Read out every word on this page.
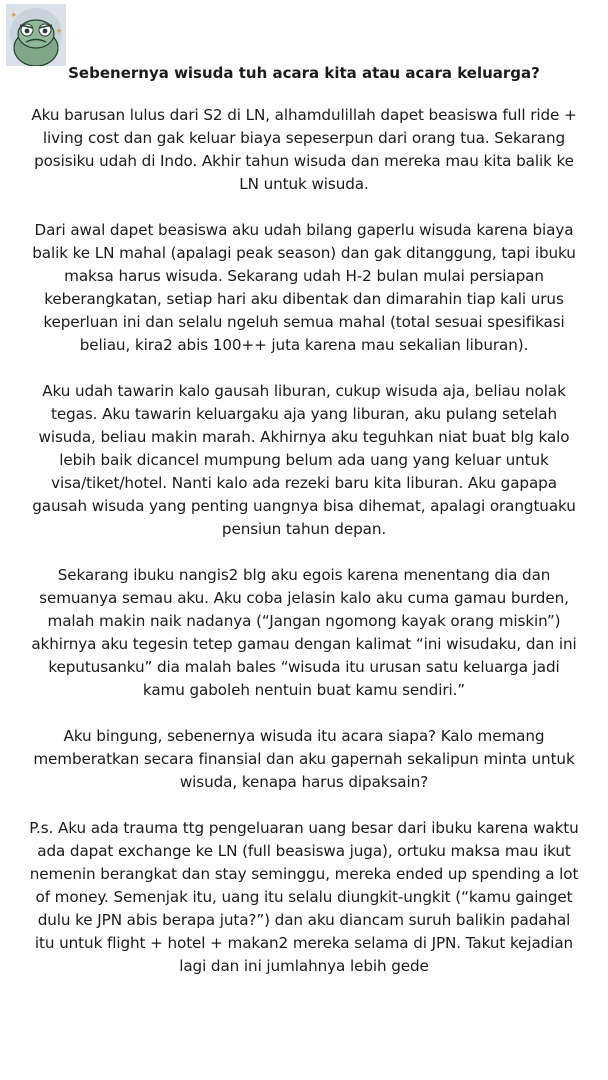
✦
✦
Sebenernya wisuda tuh acara kita atau acara keluarga?

Aku barusan lulus dari S2 di LN, alhamdulillah dapet beasiswa full ride + living cost dan gak keluar biaya sepeserpun dari orang tua. Sekarang posisiku udah di Indo. Akhir tahun wisuda dan mereka mau kita balik ke LN untuk wisuda.

Dari awal dapet beasiswa aku udah bilang gaperlu wisuda karena biaya balik ke LN mahal (apalagi peak season) dan gak ditanggung, tapi ibuku maksa harus wisuda. Sekarang udah H-2 bulan mulai persiapan keberangkatan, setiap hari aku dibentak dan dimarahin tiap kali urus keperluan ini dan selalu ngeluh semua mahal (total sesuai spesifikasi beliau, kira2 abis 100++ juta karena mau sekalian liburan).

Aku udah tawarin kalo gausah liburan, cukup wisuda aja, beliau nolak tegas. Aku tawarin keluargaku aja yang liburan, aku pulang setelah wisuda, beliau makin marah. Akhirnya aku teguhkan niat buat blg kalo lebih baik dicancel mumpung belum ada uang yang keluar untuk visa/tiket/hotel. Nanti kalo ada rezeki baru kita liburan. Aku gapapa gausah wisuda yang penting uangnya bisa dihemat, apalagi orangtuaku pensiun tahun depan.

Sekarang ibuku nangis2 blg aku egois karena menentang dia dan semuanya semau aku. Aku coba jelasin kalo aku cuma gamau burden, malah makin naik nadanya (“Jangan ngomong kayak orang miskin”) akhirnya aku tegesin tetep gamau dengan kalimat “ini wisudaku, dan ini keputusanku” dia malah bales “wisuda itu urusan satu keluarga jadi kamu gaboleh nentuin buat kamu sendiri.”

Aku bingung, sebenernya wisuda itu acara siapa? Kalo memang memberatkan secara finansial dan aku gapernah sekalipun minta untuk wisuda, kenapa harus dipaksain?

P.s. Aku ada trauma ttg pengeluaran uang besar dari ibuku karena waktu ada dapat exchange ke LN (full beasiswa juga), ortuku maksa mau ikut nemenin berangkat dan stay seminggu, mereka ended up spending a lot of money. Semenjak itu, uang itu selalu diungkit-ungkit (“kamu gainget dulu ke JPN abis berapa juta?”) dan aku diancam suruh balikin padahal itu untuk flight + hotel + makan2 mereka selama di JPN. Takut kejadian lagi dan ini jumlahnya lebih gede
